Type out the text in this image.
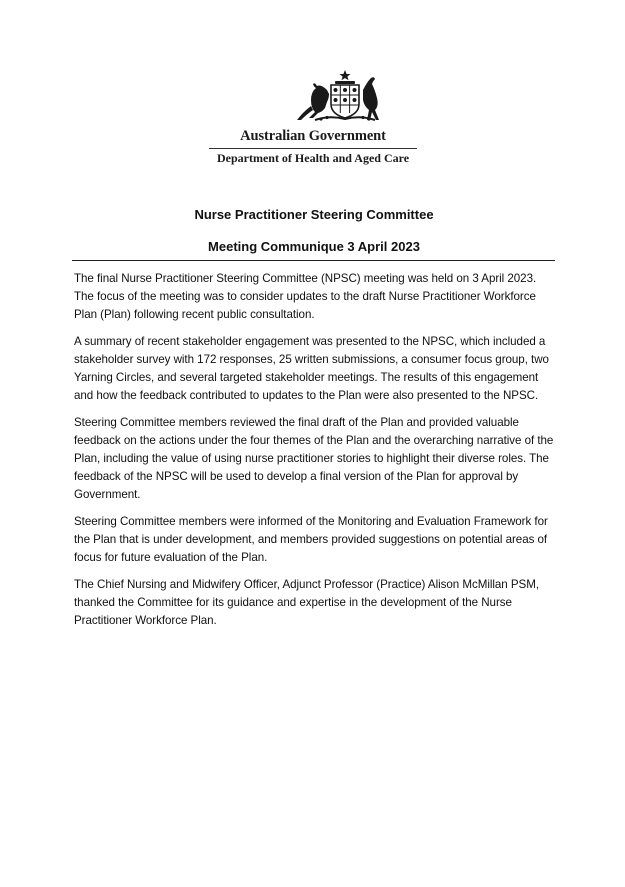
Australian Government
Department of Health and Aged Care
Nurse Practitioner Steering Committee
Meeting Communique 3 April 2023

The final Nurse Practitioner Steering Committee (NPSC) meeting was held on 3 April 2023. The focus of the meeting was to consider updates to the draft Nurse Practitioner Workforce Plan (Plan) following recent public consultation.

A summary of recent stakeholder engagement was presented to the NPSC, which included a stakeholder survey with 172 responses, 25 written submissions, a consumer focus group, two Yarning Circles, and several targeted stakeholder meetings. The results of this engagement and how the feedback contributed to updates to the Plan were also presented to the NPSC.

Steering Committee members reviewed the final draft of the Plan and provided valuable feedback on the actions under the four themes of the Plan and the overarching narrative of the Plan, including the value of using nurse practitioner stories to highlight their diverse roles. The feedback of the NPSC will be used to develop a final version of the Plan for approval by Government.

Steering Committee members were informed of the Monitoring and Evaluation Framework for the Plan that is under development, and members provided suggestions on potential areas of focus for future evaluation of the Plan.

The Chief Nursing and Midwifery Officer, Adjunct Professor (Practice) Alison McMillan PSM, thanked the Committee for its guidance and expertise in the development of the Nurse Practitioner Workforce Plan.
